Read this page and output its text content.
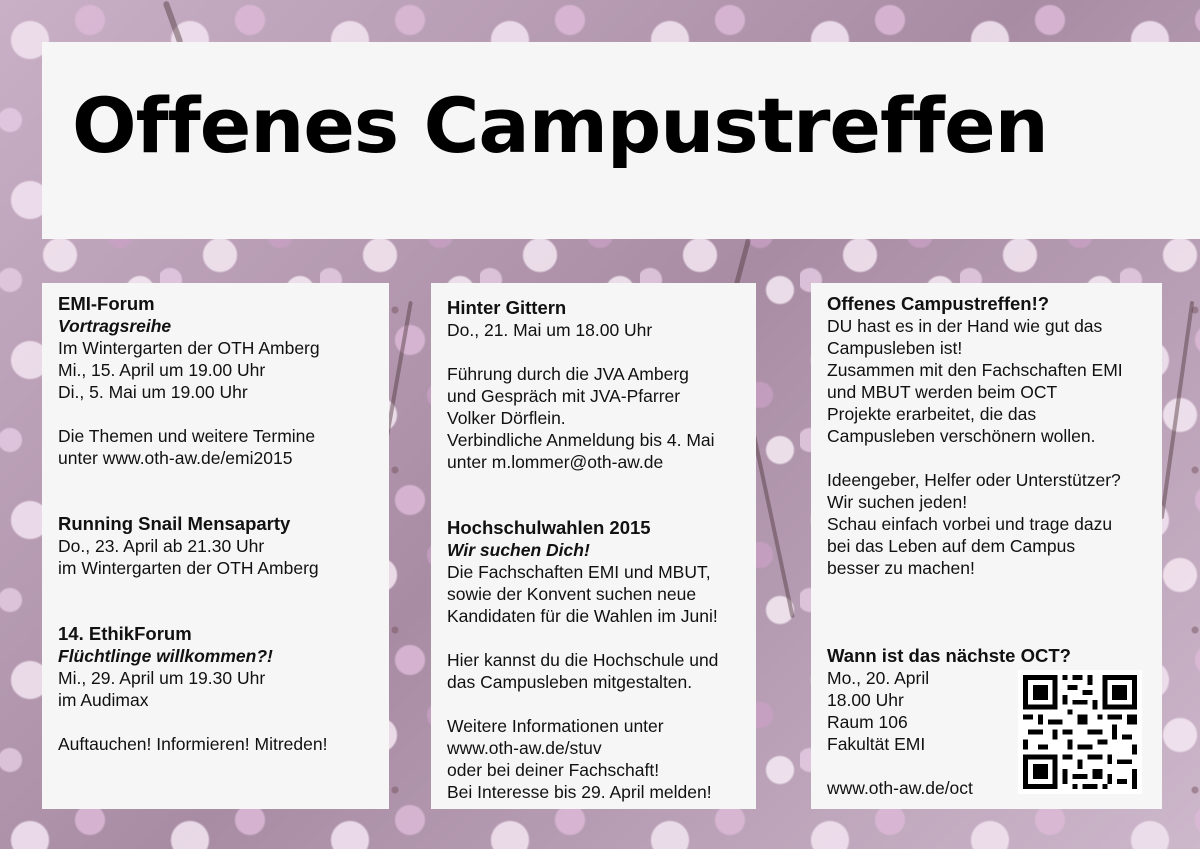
Offenes Campustreffen

EMI-Forum

Vortragsreihe

Im Wintergarten der OTH Amberg

Mi., 15. April um 19.00 Uhr

Di., 5. Mai um 19.00 Uhr

Die Themen und weitere Termine

unter www.oth-aw.de/emi2015

Running Snail Mensaparty

Do., 23. April ab 21.30 Uhr

im Wintergarten der OTH Amberg

14. EthikForum

Flüchtlinge willkommen?!

Mi., 29. April um 19.30 Uhr

im Audimax

Auftauchen! Informieren! Mitreden!

Hinter Gittern

Do., 21. Mai um 18.00 Uhr

Führung durch die JVA Amberg

und Gespräch mit JVA-Pfarrer

Volker Dörflein.

Verbindliche Anmeldung bis 4. Mai

unter m.lommer@oth-aw.de

Hochschulwahlen 2015

Wir suchen Dich!

Die Fachschaften EMI und MBUT,

sowie der Konvent suchen neue

Kandidaten für die Wahlen im Juni!

Hier kannst du die Hochschule und

das Campusleben mitgestalten.

Weitere Informationen unter

www.oth-aw.de/stuv

oder bei deiner Fachschaft!

Bei Interesse bis 29. April melden!

Offenes Campustreffen!?

DU hast es in der Hand wie gut das

Campusleben ist!

Zusammen mit den Fachschaften EMI

und MBUT werden beim OCT

Projekte erarbeitet, die das

Campusleben verschönern wollen.

Ideengeber, Helfer oder Unterstützer?

Wir suchen jeden!

Schau einfach vorbei und trage dazu

bei das Leben auf dem Campus

besser zu machen!

Wann ist das nächste OCT?

Mo., 20. April

18.00 Uhr

Raum 106

Fakultät EMI

www.oth-aw.de/oct
